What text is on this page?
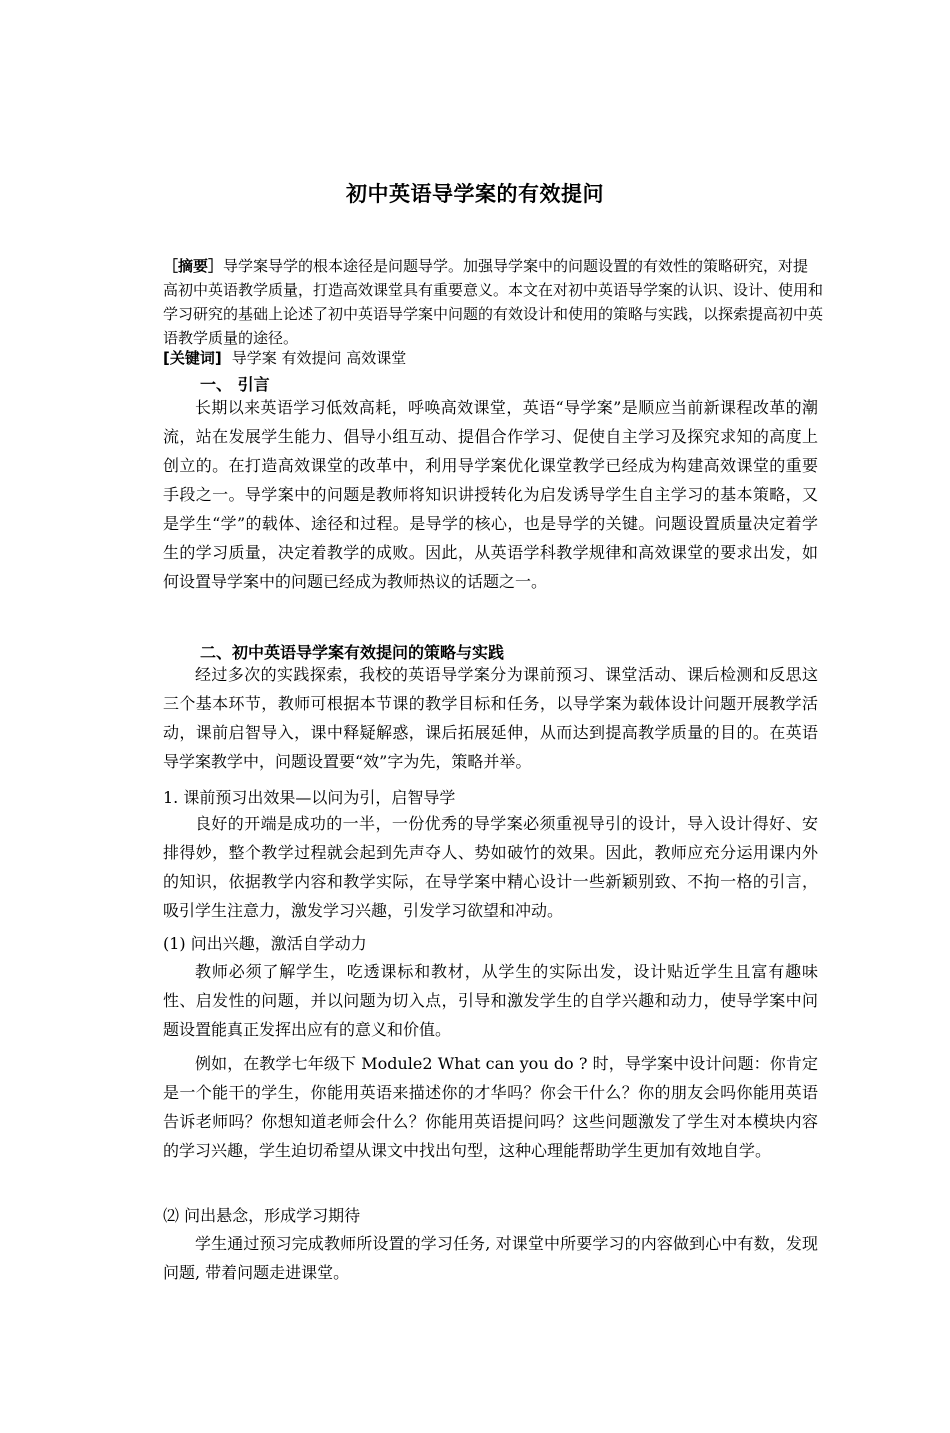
初中英语导学案的有效提问
［摘要］导学案导学的根本途径是问题导学。加强导学案中的问题设置的有效性的策略研究，对提高初中英语教学质量，打造高效课堂具有重要意义。本文在对初中英语导学案的认识、设计、使用和学习研究的基础上论述了初中英语导学案中问题的有效设计和使用的策略与实践，以探索提高初中英语教学质量的途径。
[关键词] 导学案 有效提问 高效课堂
一、 引言

长期以来英语学习低效高耗，呼唤高效课堂，英语“导学案”是顺应当前新课程改革的潮流，站在发展学生能力、倡导小组互动、提倡合作学习、促使自主学习及探究求知的高度上创立的。在打造高效课堂的改革中，利用导学案优化课堂教学已经成为构建高效课堂的重要手段之一。导学案中的问题是教师将知识讲授转化为启发诱导学生自主学习的基本策略，又是学生“学”的载体、途径和过程。是导学的核心，也是导学的关键。问题设置质量决定着学生的学习质量，决定着教学的成败。因此，从英语学科教学规律和高效课堂的要求出发，如何设置导学案中的问题已经成为教师热议的话题之一。

二、初中英语导学案有效提问的策略与实践

经过多次的实践探索，我校的英语导学案分为课前预习、课堂活动、课后检测和反思这三个基本环节，教师可根据本节课的教学目标和任务，以导学案为载体设计问题开展教学活动，课前启智导入，课中释疑解惑，课后拓展延伸，从而达到提高教学质量的目的。在英语导学案教学中，问题设置要“效”字为先，策略并举。

1. 课前预习出效果—以问为引，启智导学

良好的开端是成功的一半，一份优秀的导学案必须重视导引的设计，导入设计得好、安排得妙，整个教学过程就会起到先声夺人、势如破竹的效果。因此，教师应充分运用课内外的知识，依据教学内容和教学实际，在导学案中精心设计一些新颖别致、不拘一格的引言，吸引学生注意力，激发学习兴趣，引发学习欲望和冲动。

(1) 问出兴趣，激活自学动力

教师必须了解学生，吃透课标和教材，从学生的实际出发，设计贴近学生且富有趣味性、启发性的问题，并以问题为切入点，引导和激发学生的自学兴趣和动力，使导学案中问题设置能真正发挥出应有的意义和价值。

例如，在教学七年级下 Module2 What can you do ? 时，导学案中设计问题：你肯定是一个能干的学生，你能用英语来描述你的才华吗？你会干什么？你的朋友会吗你能用英语告诉老师吗？你想知道老师会什么？你能用英语提问吗？这些问题激发了学生对本模块内容的学习兴趣，学生迫切希望从课文中找出句型，这种心理能帮助学生更加有效地自学。

⑵ 问出悬念，形成学习期待

学生通过预习完成教师所设置的学习任务, 对课堂中所要学习的内容做到心中有数，发现问题, 带着问题走进课堂。
